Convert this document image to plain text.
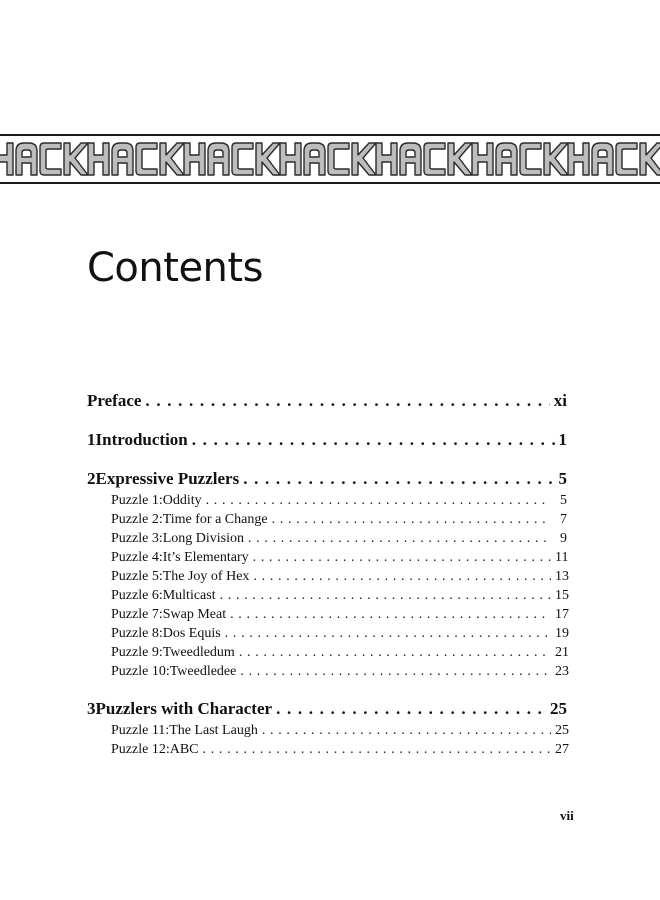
Contents
Preface . . .	xi
1 Introduction . . .	1
2 Expressive Puzzlers . . .	5
Puzzle 1: Oddity . . .	5
Puzzle 2: Time for a Change . . .	7
Puzzle 3: Long Division . . .	9
Puzzle 4: It’s Elementary . . .	11
Puzzle 5: The Joy of Hex . . .	13
Puzzle 6: Multicast . . .	15
Puzzle 7: Swap Meat . . .	17
Puzzle 8: Dos Equis . . .	19
Puzzle 9: Tweedledum . . .	21
Puzzle 10: Tweedledee . . .	23
3 Puzzlers with Character . . .	25
Puzzle 11: The Last Laugh . . .	25
Puzzle 12: ABC . . .	27
vii
